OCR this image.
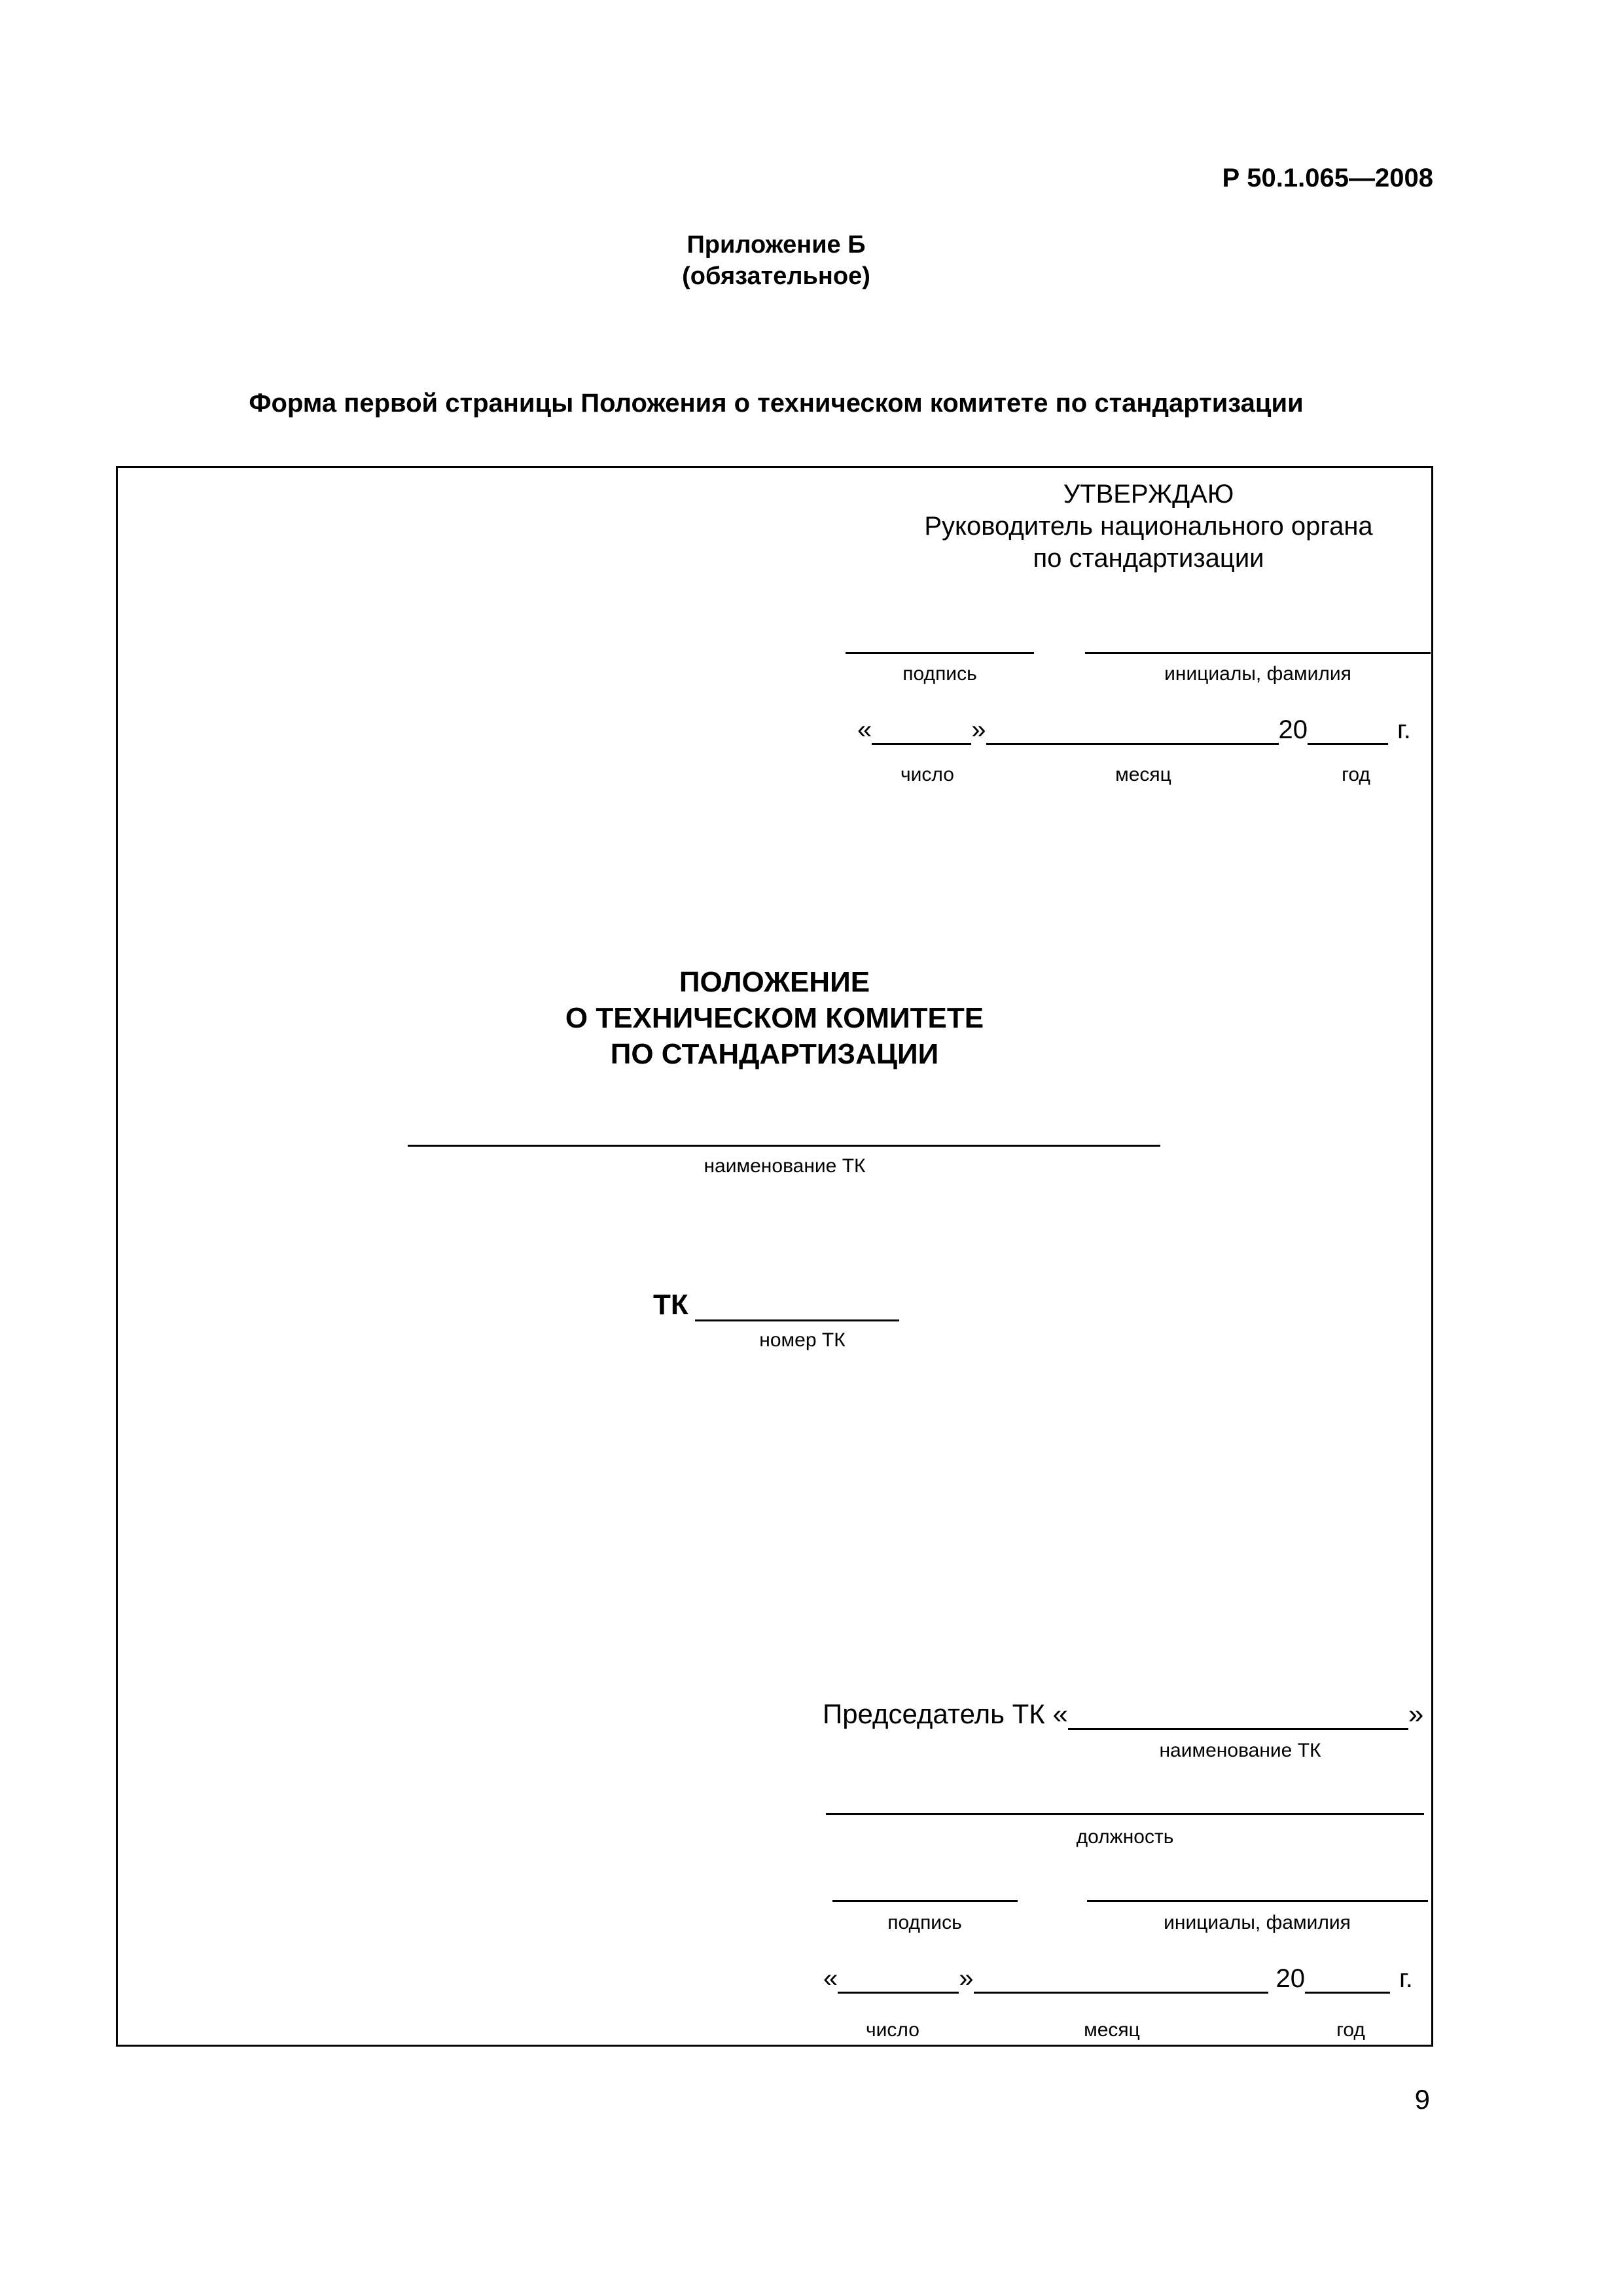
Р 50.1.065—2008
Приложение Б
(обязательное)
Форма первой страницы Положения о техническом комитете по стандартизации
УТВЕРЖДАЮ
Руководитель национального органа
по стандартизации
подпись	инициалы, фамилия
«	»	20	г.
число	месяц	год
ПОЛОЖЕНИЕ
О ТЕХНИЧЕСКОМ КОМИТЕТЕ
ПО СТАНДАРТИЗАЦИИ
наименование ТК
ТК
номер ТК
Председатель ТК «	»
наименование ТК
должность
подпись	инициалы, фамилия
«	»	20	г.
число	месяц	год
9
